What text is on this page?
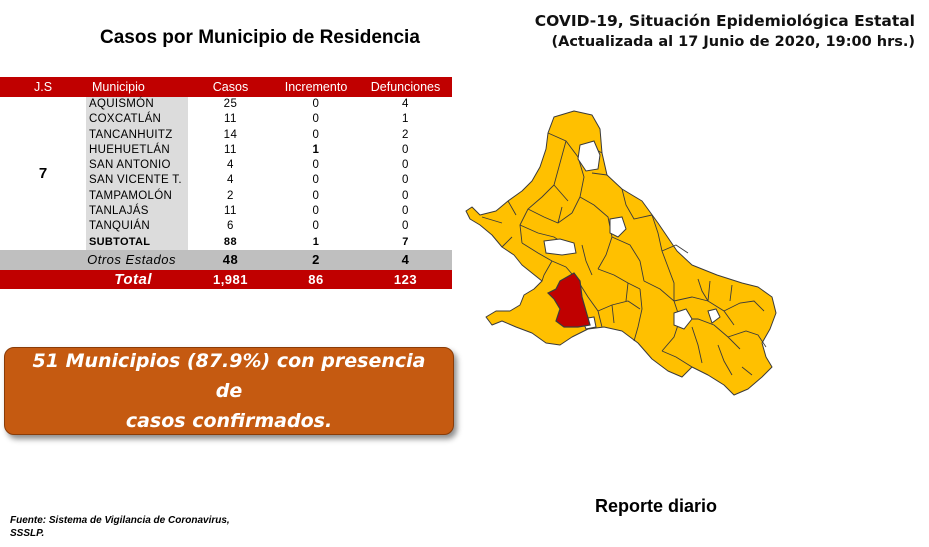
Casos por Municipio de Residencia
COVID-19, Situación Epidemiológica Estatal
(Actualizada al 17 Junio de 2020, 19:00 hrs.)
J.S	Municipio	Casos	Incremento	Defunciones
7	AQUISMÓN	25	0	4
	COXCATLÁN	11	0	1
	TANCANHUITZ	14	0	2
	HUEHUETLÁN	11	1	0
	SAN ANTONIO	4	0	0
	SAN VICENTE T.	4	0	0
	TAMPAMOLÓN	2	0	0
	TANLAJÁS	11	0	0
	TANQUIÁN	6	0	0
	SUBTOTAL	88	1	7
Otros Estados		48	2	4
Total		1,981	86	123
51 Municipios (87.9%) con presencia de
casos confirmados.
Fuente: Sistema de Vigilancia de Coronavirus,
SSSLP.
Reporte diario
